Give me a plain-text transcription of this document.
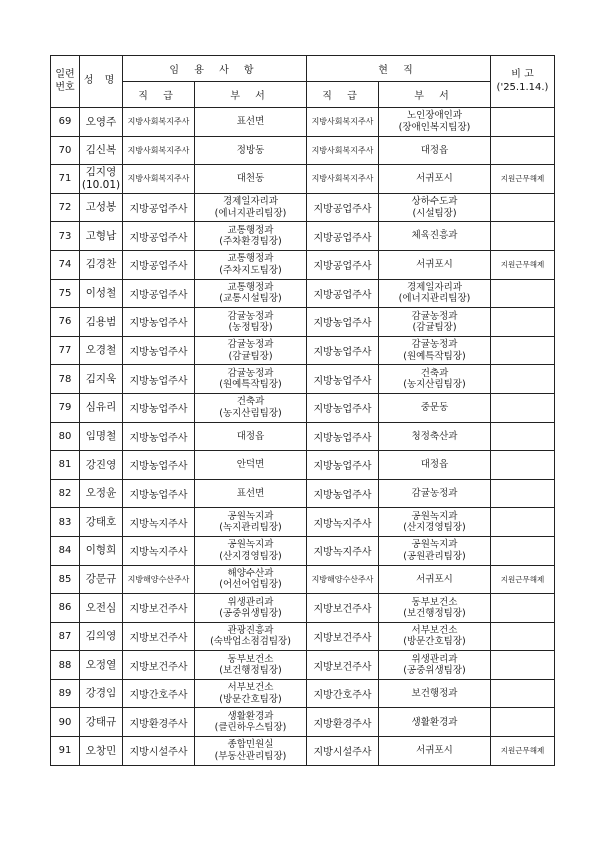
일련
번호	성 명	임 용 사 항		현 직		비 고
('25.1.14.)

		직 급	부 서	직 급	부 서	

69	오영주	지방사회복지주사	표선면	지방사회복지주사	노인장애인과
(장애인복지팀장)	

70	김신복	지방사회복지주사	정방동	지방사회복지주사	대정읍	

71	김지영
(10.01)	지방사회복지주사	대천동	지방사회복지주사	서귀포시	지원근무해제

72	고성봉	지방공업주사	경제일자리과
(에너지관리팀장)	지방공업주사	상하수도과
(시설팀장)	

73	고형남	지방공업주사	교통행정과
(주차환경팀장)	지방공업주사	체육진흥과	

74	김경찬	지방공업주사	교통행정과
(주차지도팀장)	지방공업주사	서귀포시	지원근무해제

75	이성철	지방공업주사	교통행정과
(교통시설팀장)	지방공업주사	경제일자리과
(에너지관리팀장)	

76	김용범	지방농업주사	감귤농정과
(농정팀장)	지방농업주사	감귤농정과
(감귤팀장)	

77	오경철	지방농업주사	감귤농정과
(감귤팀장)	지방농업주사	감귤농정과
(원예특작팀장)	

78	김지욱	지방농업주사	감귤농정과
(원예특작팀장)	지방농업주사	건축과
(농지산림팀장)	

79	심유리	지방농업주사	건축과
(농지산림팀장)	지방농업주사	중문동	

80	임명철	지방농업주사	대정읍	지방농업주사	청정축산과	

81	강진영	지방농업주사	안덕면	지방농업주사	대정읍	

82	오정윤	지방농업주사	표선면	지방농업주사	감귤농정과	

83	강태호	지방녹지주사	공원녹지과
(녹지관리팀장)	지방녹지주사	공원녹지과
(산지경영팀장)	

84	이형희	지방녹지주사	공원녹지과
(산지경영팀장)	지방녹지주사	공원녹지과
(공원관리팀장)	

85	강문규	지방해양수산주사	해양수산과
(어선어업팀장)	지방해양수산주사	서귀포시	지원근무해제

86	오전심	지방보건주사	위생관리과
(공중위생팀장)	지방보건주사	동부보건소
(보건행정팀장)	

87	김의영	지방보건주사	관광진흥과
(숙박업소점검팀장)	지방보건주사	서부보건소
(방문간호팀장)	

88	오정열	지방보건주사	동부보건소
(보건행정팀장)	지방보건주사	위생관리과
(공중위생팀장)	

89	강경임	지방간호주사	서부보건소
(방문간호팀장)	지방간호주사	보건행정과	

90	강태규	지방환경주사	생활환경과
(클린하우스팀장)	지방환경주사	생활환경과	

91	오창민	지방시설주사	종합민원실
(부동산관리팀장)	지방시설주사	서귀포시	지원근무해제
